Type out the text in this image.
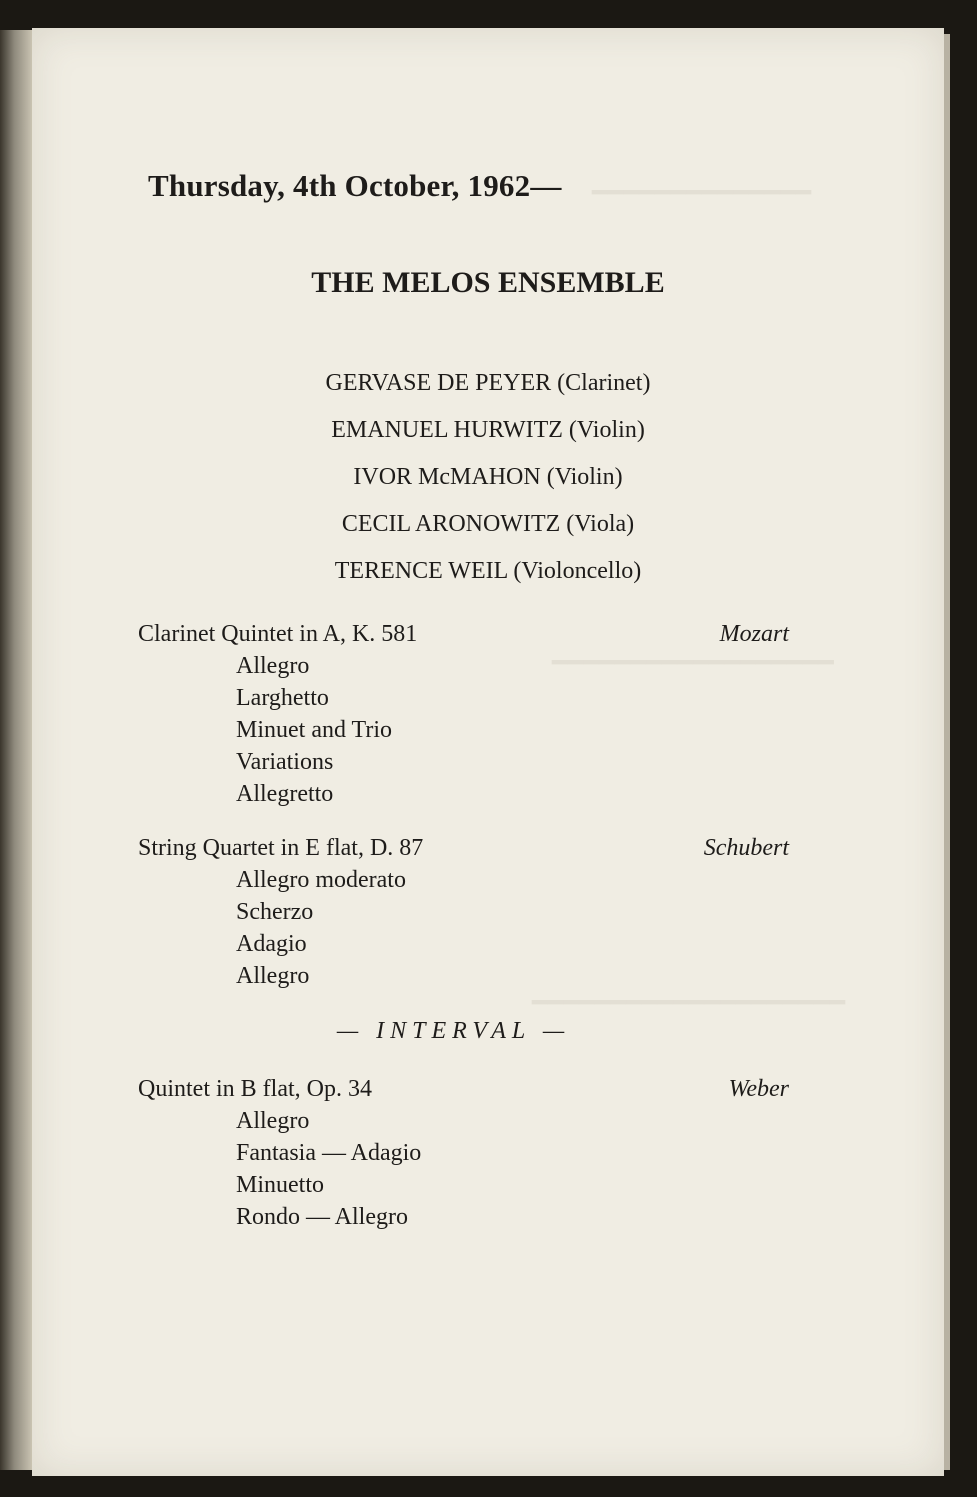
━━━━━━━━━━━━━━
━━━━━━━━━━━━━━━━━━
━━━━━━━━━━━━━━━━━━━━
Thursday, 4th October, 1962—
THE MELOS ENSEMBLE
GERVASE DE PEYER (Clarinet)
EMANUEL HURWITZ (Violin)
IVOR McMAHON (Violin)
CECIL ARONOWITZ (Viola)
TERENCE WEIL (Violoncello)
Clarinet Quintet in A, K. 581	Mozart
Allegro
Larghetto
Minuet and Trio
Variations
Allegretto
String Quartet in E flat, D. 87	Schubert
Allegro moderato
Scherzo
Adagio
Allegro
— INTERVAL —
Quintet in B flat, Op. 34	Weber
Allegro
Fantasia — Adagio
Minuetto
Rondo — Allegro
